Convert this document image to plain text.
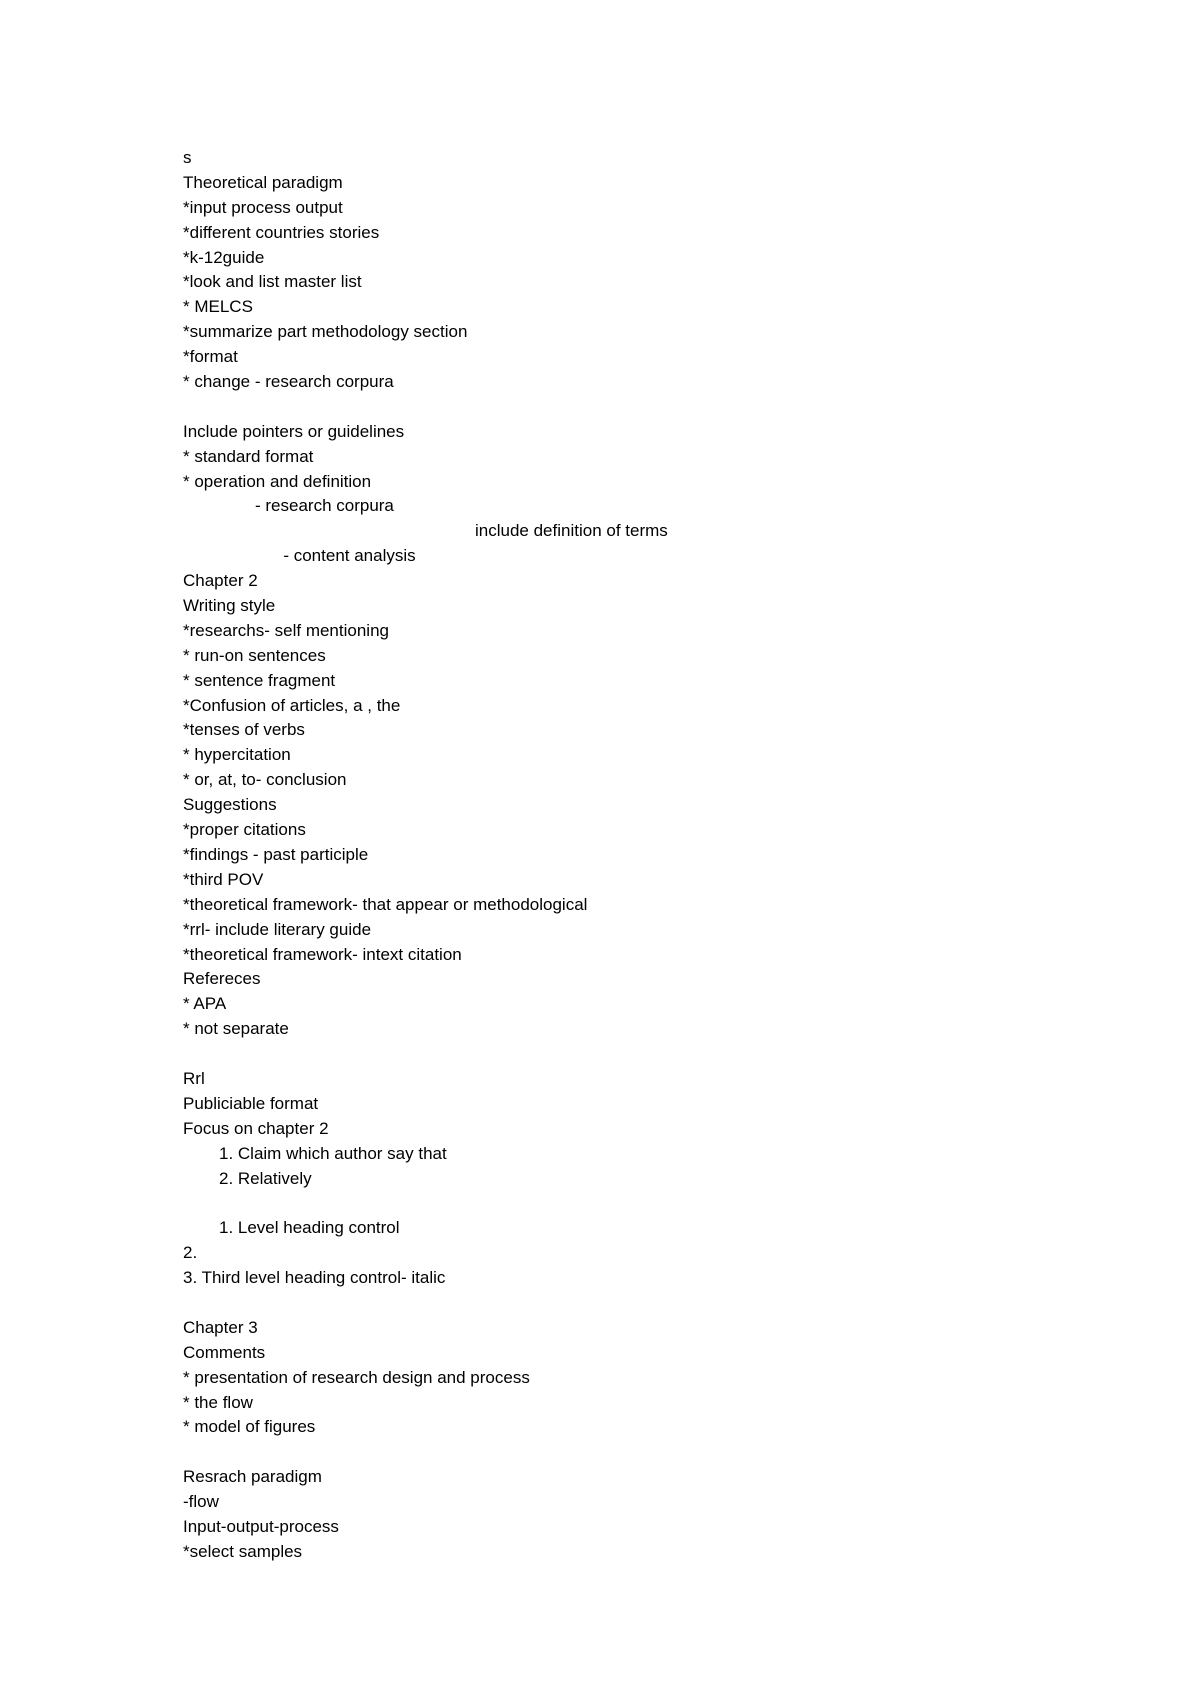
s
Theoretical paradigm
*input process output
*different countries stories
*k-12guide
*look and list master list
* MELCS
*summarize part methodology section
*format
* change - research corpura
Include pointers or guidelines
* standard format
* operation and definition
- research corpura

- content analysis

include definition of terms

Chapter 2
Writing style
*researchs- self mentioning
* run-on sentences
* sentence fragment
*Confusion of articles, a , the
*tenses of verbs
* hypercitation
* or, at, to- conclusion
Suggestions
*proper citations
*findings - past participle
*third POV
*theoretical framework- that appear or methodological
*rrl- include literary guide
*theoretical framework- intext citation
Refereces
* APA
* not separate
Rrl
Publiciable format
Focus on chapter 2
1. Claim which author say that
2. Relatively
1. Level heading control
2.
3. Third level heading control- italic
Chapter 3
Comments
* presentation of research design and process
* the flow
* model of figures
Resrach paradigm
-flow
Input-output-process
*select samples
